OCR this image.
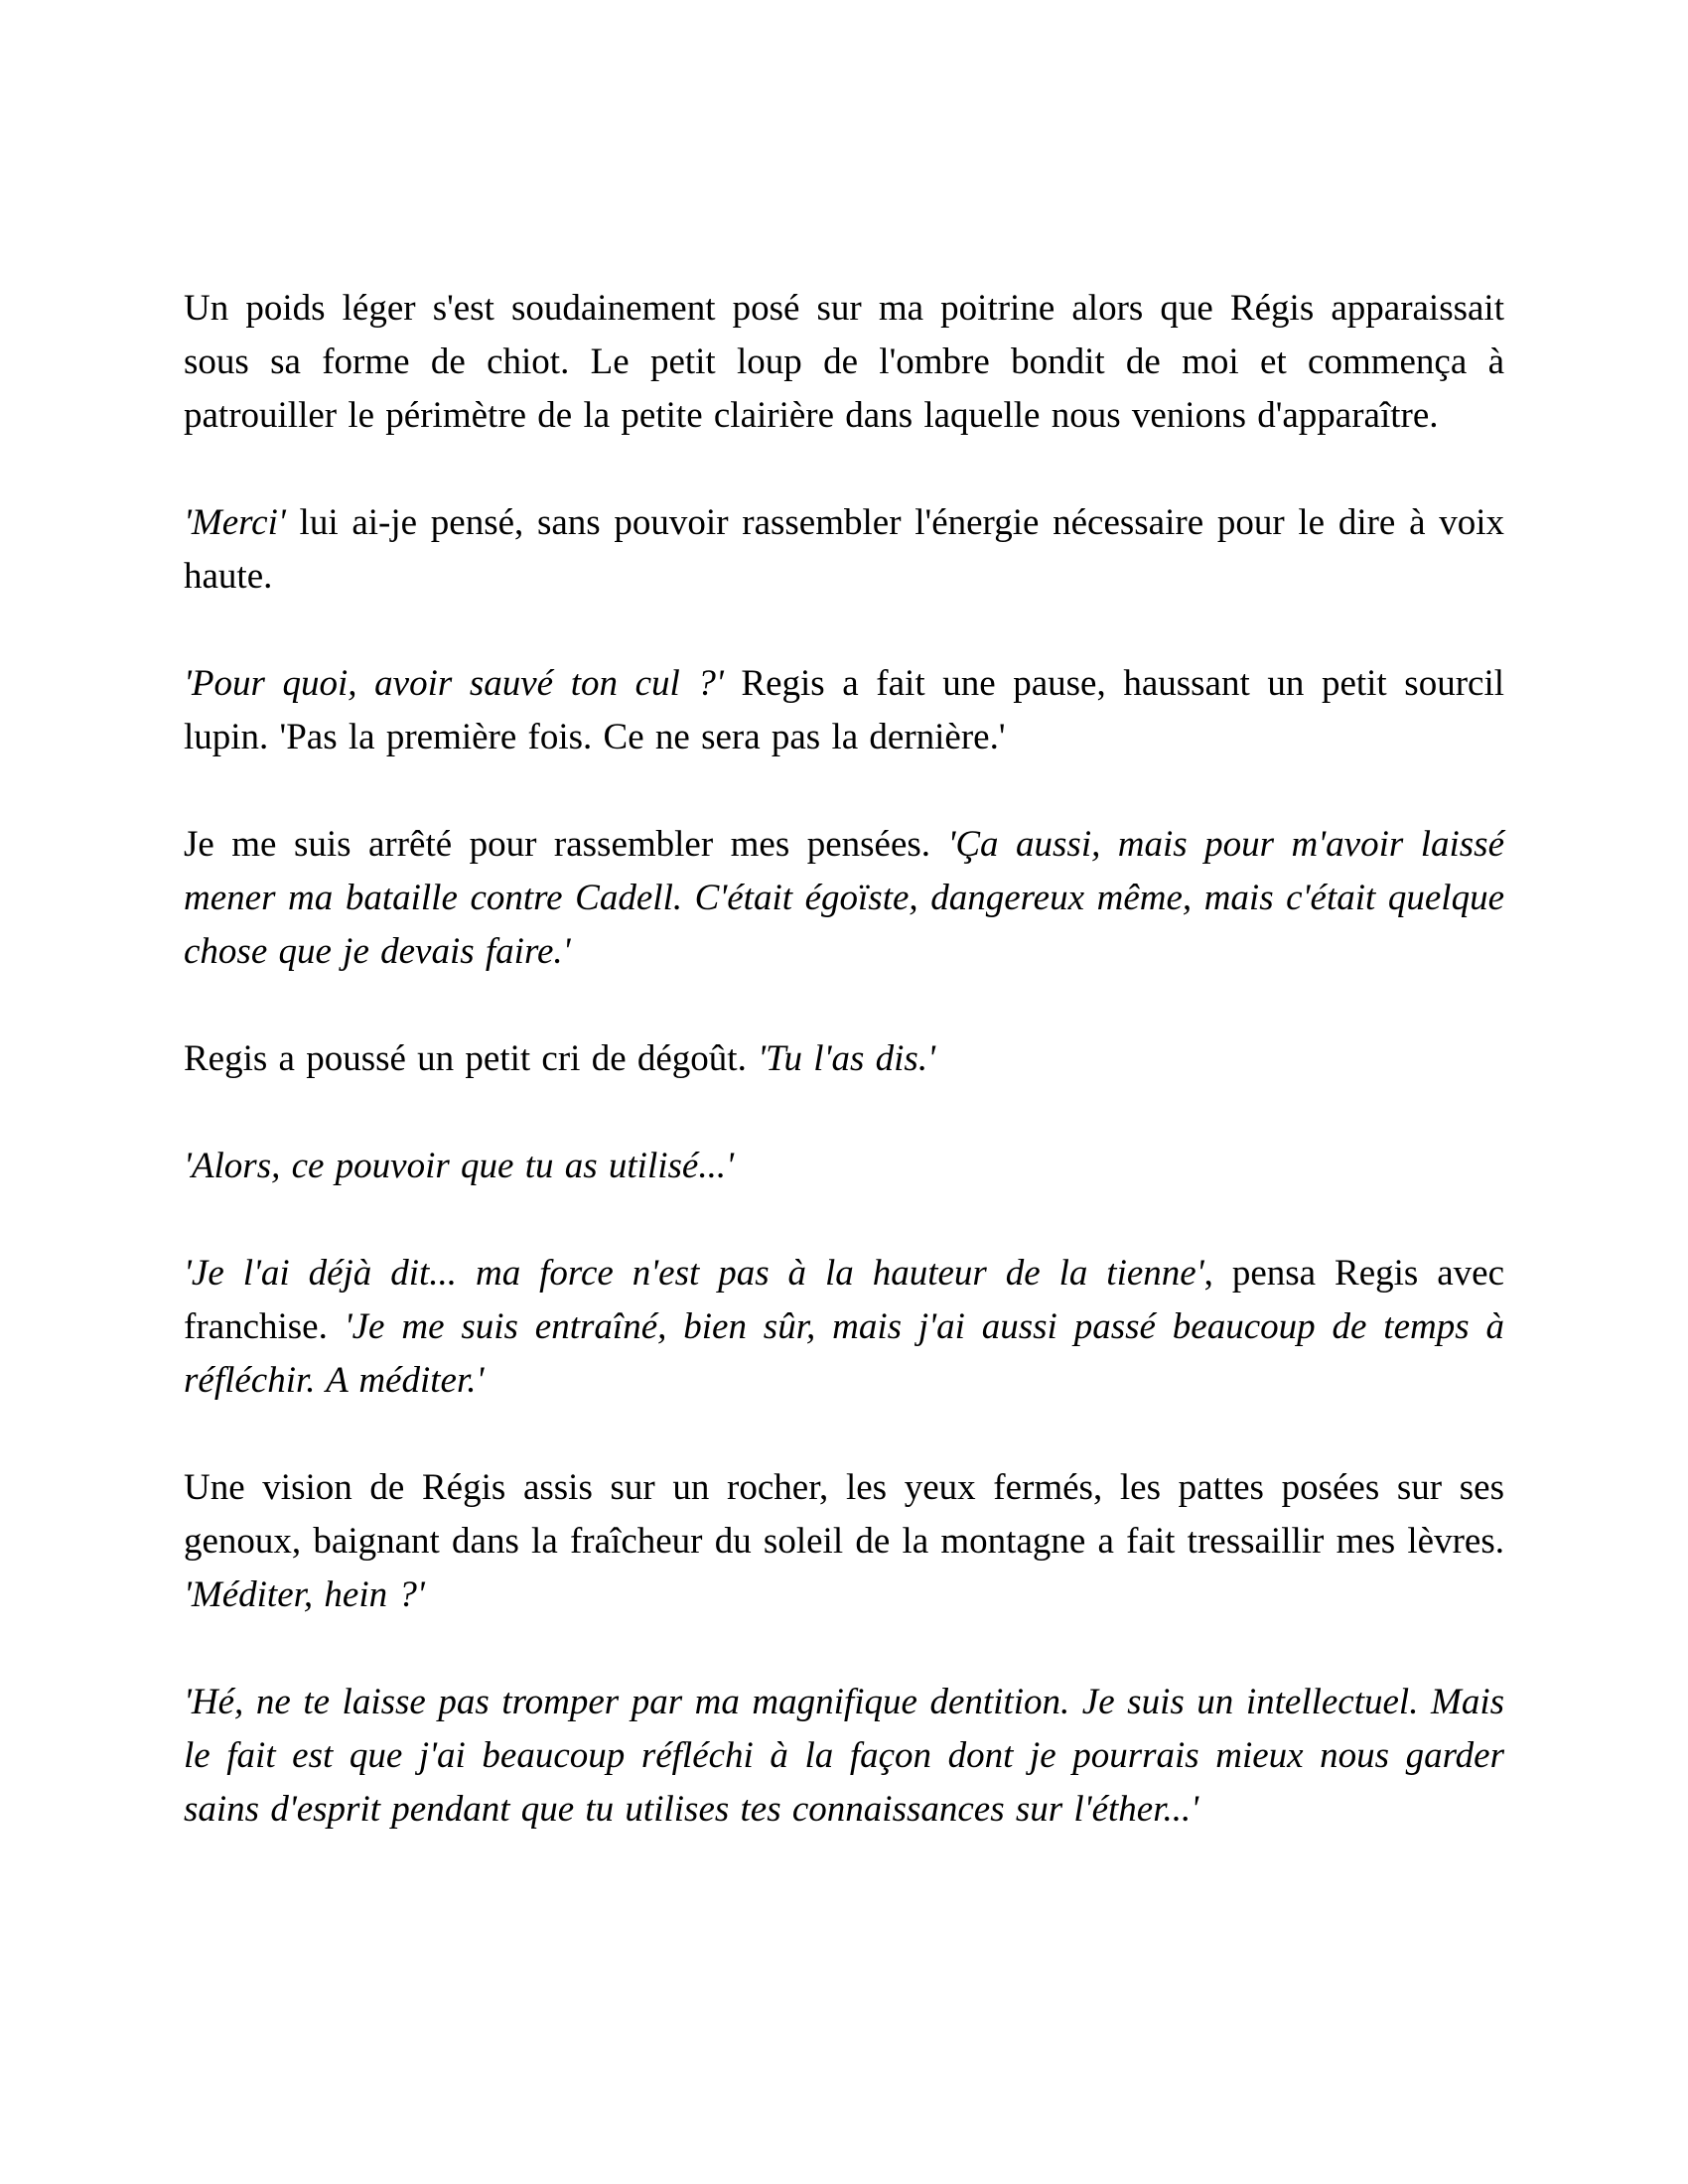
Un poids léger s'est soudainement posé sur ma poitrine alors que Régis apparaissait sous sa forme de chiot. Le petit loup de l'ombre bondit de moi et commença à patrouiller le périmètre de la petite clairière dans laquelle nous venions d'apparaître.

'Merci' lui ai-je pensé, sans pouvoir rassembler l'énergie nécessaire pour le dire à voix haute.

'Pour quoi, avoir sauvé ton cul ?' Regis a fait une pause, haussant un petit sourcil lupin. 'Pas la première fois. Ce ne sera pas la dernière.'

Je me suis arrêté pour rassembler mes pensées. 'Ça aussi, mais pour m'avoir laissé mener ma bataille contre Cadell. C'était égoïste, dangereux même, mais c'était quelque chose que je devais faire.'

Regis a poussé un petit cri de dégoût. 'Tu l'as dis.'

'Alors, ce pouvoir que tu as utilisé...'

'Je l'ai déjà dit... ma force n'est pas à la hauteur de la tienne', pensa Regis avec franchise. 'Je me suis entraîné, bien sûr, mais j'ai aussi passé beaucoup de temps à réfléchir. A méditer.'

Une vision de Régis assis sur un rocher, les yeux fermés, les pattes posées sur ses genoux, baignant dans la fraîcheur du soleil de la montagne a fait tressaillir mes lèvres. 'Méditer, hein ?'

'Hé, ne te laisse pas tromper par ma magnifique dentition. Je suis un intellectuel. Mais le fait est que j'ai beaucoup réfléchi à la façon dont je pourrais mieux nous garder sains d'esprit pendant que tu utilises tes connaissances sur l'éther...'
